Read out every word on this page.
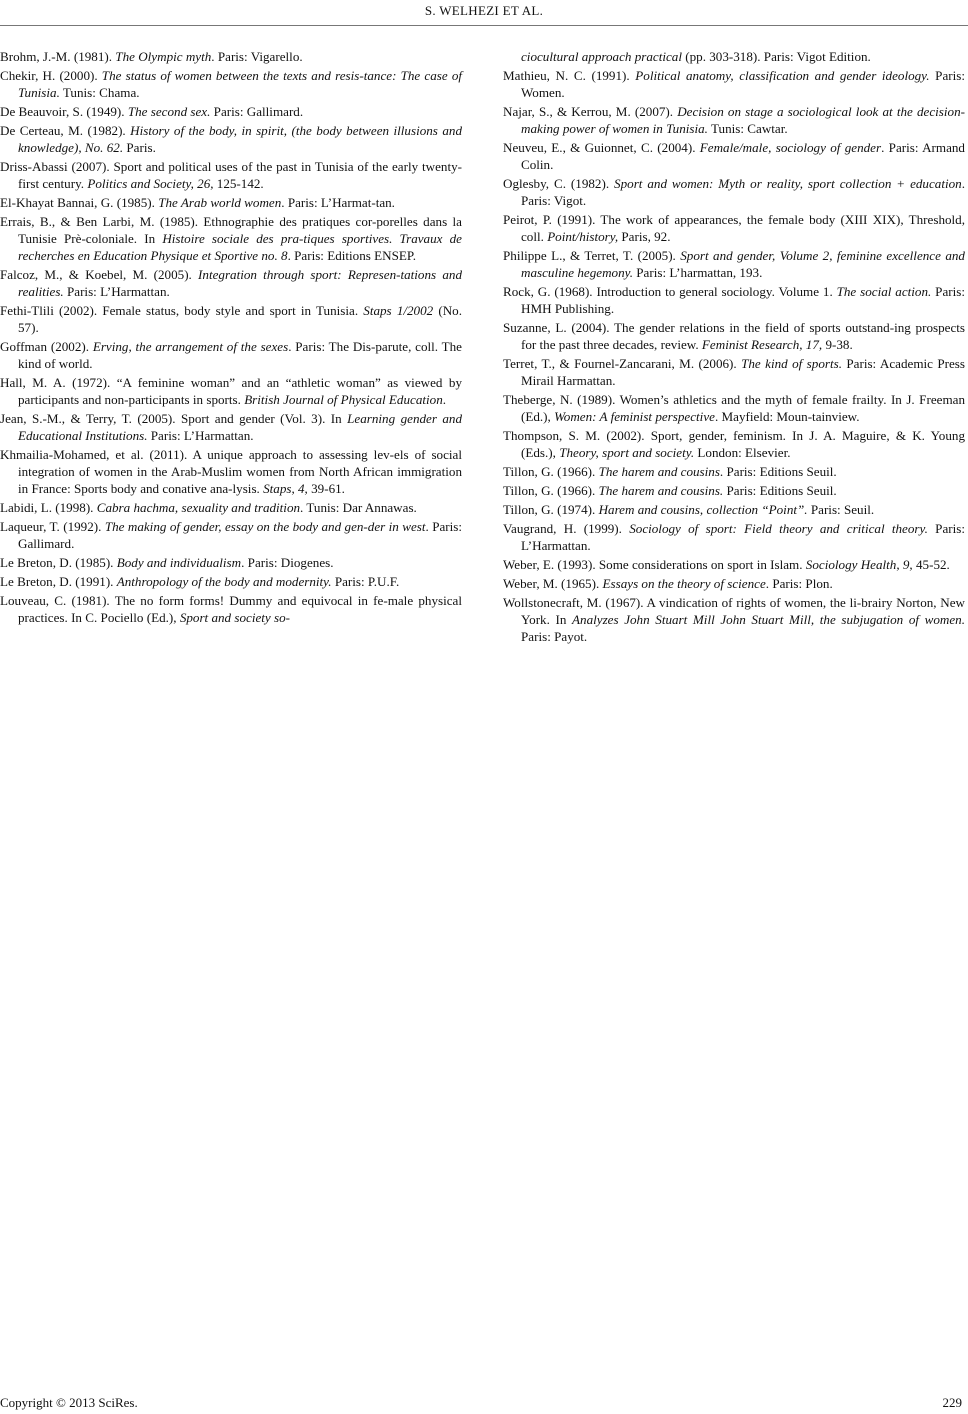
S. WELHEZI ET AL.

Brohm, J.-M. (1981). The Olympic myth. Paris: Vigarello.

Chekir, H. (2000). The status of women between the texts and resis-tance: The case of Tunisia. Tunis: Chama.

De Beauvoir, S. (1949). The second sex. Paris: Gallimard.

De Certeau, M. (1982). History of the body, in spirit, (the body between illusions and knowledge), No. 62. Paris.

Driss-Abassi (2007). Sport and political uses of the past in Tunisia of the early twenty-first century. Politics and Society, 26, 125-142.

El-Khayat Bannai, G. (1985). The Arab world women. Paris: L’Harmat-tan.

Errais, B., & Ben Larbi, M. (1985). Ethnographie des pratiques cor-porelles dans la Tunisie Prè-coloniale. In Histoire sociale des pra-tiques sportives. Travaux de recherches en Education Physique et Sportive no. 8. Paris: Editions ENSEP.

Falcoz, M., & Koebel, M. (2005). Integration through sport: Represen-tations and realities. Paris: L’Harmattan.

Fethi-Tlili (2002). Female status, body style and sport in Tunisia. Staps 1/2002 (No. 57).

Goffman (2002). Erving, the arrangement of the sexes. Paris: The Dis-parute, coll. The kind of world.

Hall, M. A. (1972). “A feminine woman” and an “athletic woman” as viewed by participants and non-participants in sports. British Journal of Physical Education.

Jean, S.-M., & Terry, T. (2005). Sport and gender (Vol. 3). In Learning gender and Educational Institutions. Paris: L’Harmattan.

Khmailia-Mohamed, et al. (2011). A unique approach to assessing lev-els of social integration of women in the Arab-Muslim women from North African immigration in France: Sports body and conative ana-lysis. Staps, 4, 39-61.

Labidi, L. (1998). Cabra hachma, sexuality and tradition. Tunis: Dar Annawas.

Laqueur, T. (1992). The making of gender, essay on the body and gen-der in west. Paris: Gallimard.

Le Breton, D. (1985). Body and individualism. Paris: Diogenes.

Le Breton, D. (1991). Anthropology of the body and modernity. Paris: P.U.F.

Louveau, C. (1981). The no form forms! Dummy and equivocal in fe-male physical practices. In C. Pociello (Ed.), Sport and society so-

ciocultural approach practical (pp. 303-318). Paris: Vigot Edition.

Mathieu, N. C. (1991). Political anatomy, classification and gender ideology. Paris: Women.

Najar, S., & Kerrou, M. (2007). Decision on stage a sociological look at the decision-making power of women in Tunisia. Tunis: Cawtar.

Neuveu, E., & Guionnet, C. (2004). Female/male, sociology of gender. Paris: Armand Colin.

Oglesby, C. (1982). Sport and women: Myth or reality, sport collection + education. Paris: Vigot.

Peirot, P. (1991). The work of appearances, the female body (XIII XIX), Threshold, coll. Point/history, Paris, 92.

Philippe L., & Terret, T. (2005). Sport and gender, Volume 2, feminine excellence and masculine hegemony. Paris: L’harmattan, 193.

Rock, G. (1968). Introduction to general sociology. Volume 1. The social action. Paris: HMH Publishing.

Suzanne, L. (2004). The gender relations in the field of sports outstand-ing prospects for the past three decades, review. Feminist Research, 17, 9-38.

Terret, T., & Fournel-Zancarani, M. (2006). The kind of sports. Paris: Academic Press Mirail Harmattan.

Theberge, N. (1989). Women’s athletics and the myth of female frailty. In J. Freeman (Ed.), Women: A feminist perspective. Mayfield: Moun-tainview.

Thompson, S. M. (2002). Sport, gender, feminism. In J. A. Maguire, & K. Young (Eds.), Theory, sport and society. London: Elsevier.

Tillon, G. (1966). The harem and cousins. Paris: Editions Seuil.

Tillon, G. (1966). The harem and cousins. Paris: Editions Seuil.

Tillon, G. (1974). Harem and cousins, collection “Point”. Paris: Seuil.

Vaugrand, H. (1999). Sociology of sport: Field theory and critical theory. Paris: L’Harmattan.

Weber, E. (1993). Some considerations on sport in Islam. Sociology Health, 9, 45-52.

Weber, M. (1965). Essays on the theory of science. Paris: Plon.

Wollstonecraft, M. (1967). A vindication of rights of women, the li-brairy Norton, New York. In Analyzes John Stuart Mill John Stuart Mill, the subjugation of women. Paris: Payot.

Copyright © 2013 SciRes.	229
